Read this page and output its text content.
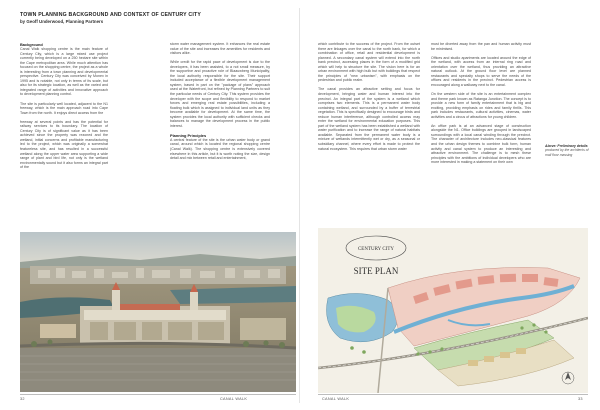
TOWN PLANNING BACKGROUND AND CONTEXT OF CENTURY CITY
by Geoff Underwood, Planning Partners
Background

Canal Walk shopping centre is the main feature of Century City, which is a large mixed use project currently being developed on a 250 hectare site within the Cape metropolitan area. While much attention has focused on the shopping centre, the project as a whole is interesting from a town planning and developmental perspective. Century City was conceived by Monex in 1995 and is notable, not only in terms of its scale, but also for its strategic location, as well as the varied and integrated range of activities and innovative approach to development planning control.

The site is particularly well located, adjacent to the N1 freeway, which is the main approach road into Cape Town from the north. It enjoys direct access from the

freeway at several points and has the potential for railway services to its boundary. The location of Century City is of significant value as it has been achieved since the property was rezoned and the wetland, initial concerns and profitable manufacturing led to the project, which was originally a somewhat featureless site, and has resulted in a successful wetland along the upper water area supporting a wide range of plant and bird life, not only is the wetland environmentally sound but it also forms an integral part of the

storm water management system. It enhances the real estate value of the site and increases the amenities for residents and visitors alike.

While credit for the rapid pace of development is due to the developers, it has been assisted, to a not small measure, by the supportive and proactive role of Blaauwberg Municipality, the local authority responsible for the site. Their support included acceptance of a flexible development management system, based in part on the "package of plans" approach used at the Waterfront, but refined by Planning Partners to suit the particular needs of Century City. This system provides the developer with the scope and flexibility to respond to market forces and emerging real estate possibilities, including a floating bulk which is assigned to individual land units as they become available for development. At the same time, the system provides the local authority with sufficient checks and balances to manage the development process in the public interest.

Planning Principles

A central feature of the site is the urban water body or grand canal, around which is located the regional shopping centre (Canal Walk). The shopping centre is extensively covered elsewhere in this article, but it is worth noting the size, design detail and mix between retail and entertainment,

which contribute to the success of the project. From the outset there are linkages over the canal to the north bank, for which a combination of office, retail and residential development is planned. A secondary canal system will extend into the north bank precinct, accessing places in the form of a modified grid which will help to structure the site. The vision here is for an urban environment with high bulk but with buildings that respect the principles of "new urbanism", with emphasis on the pedestrian and public realm.

The canal provides an attractive setting and focus for development, bringing water and human interest into the precinct. An integral part of the system is a wetland which comprises two elements. This is a permanent water body containing wetland, and surrounded by a buffer of terrestrial vegetation. This is specifically designed to encourage birds and reduce human interference, although controlled access may enter the wetland for environmental education purposes. This part of the wetland system has been established a wetland with water purification and to increase the range of natural habitats available. Separated from the permanent water body is a mixture of wetlands intermittently wet or dry, as a seasonal or subsidiary channel, where every effort is made to protect the natural ecosystem. This requires that urban storm water

must be diverted away from the pan and human activity must be minimised.

Offices and studio apartments are located around the edge of the wetland, with access from an internal ring road and orientation over the wetland, thus providing an attractive natural outlook. At the ground floor level are planned restaurants and specialty shops to serve the needs of the offices and residents in the precinct. Pedestrian access is encouraged along a walkway next to the canal.

On the western side of the site is an entertainment complex and theme park known as Ratanga Junction. The concept is to provide a new form of family entertainment that is big and exciting, providing emphasis on rides and family thrills. This park includes restaurants, cultural activities, cinemas, water activities and a circus of attractions for young children.

An office park is at an advanced stage of construction alongside the N1. Office buildings are grouped in landscaped surroundings with a local canal winding through the precinct. The character of architecture includes neo-classical features and the urban design themes to combine bulk form, human activity and canal system to produce an interesting and attractive environment. The challenge is to mesh these principles with the ambitions of individual developers who are more interested in making a statement on their own

Above: Preliminary details produced by the architects of mall floor massing
CENTURY CITY
SITE PLAN
32	CANAL WALK	CANAL WALK	33
